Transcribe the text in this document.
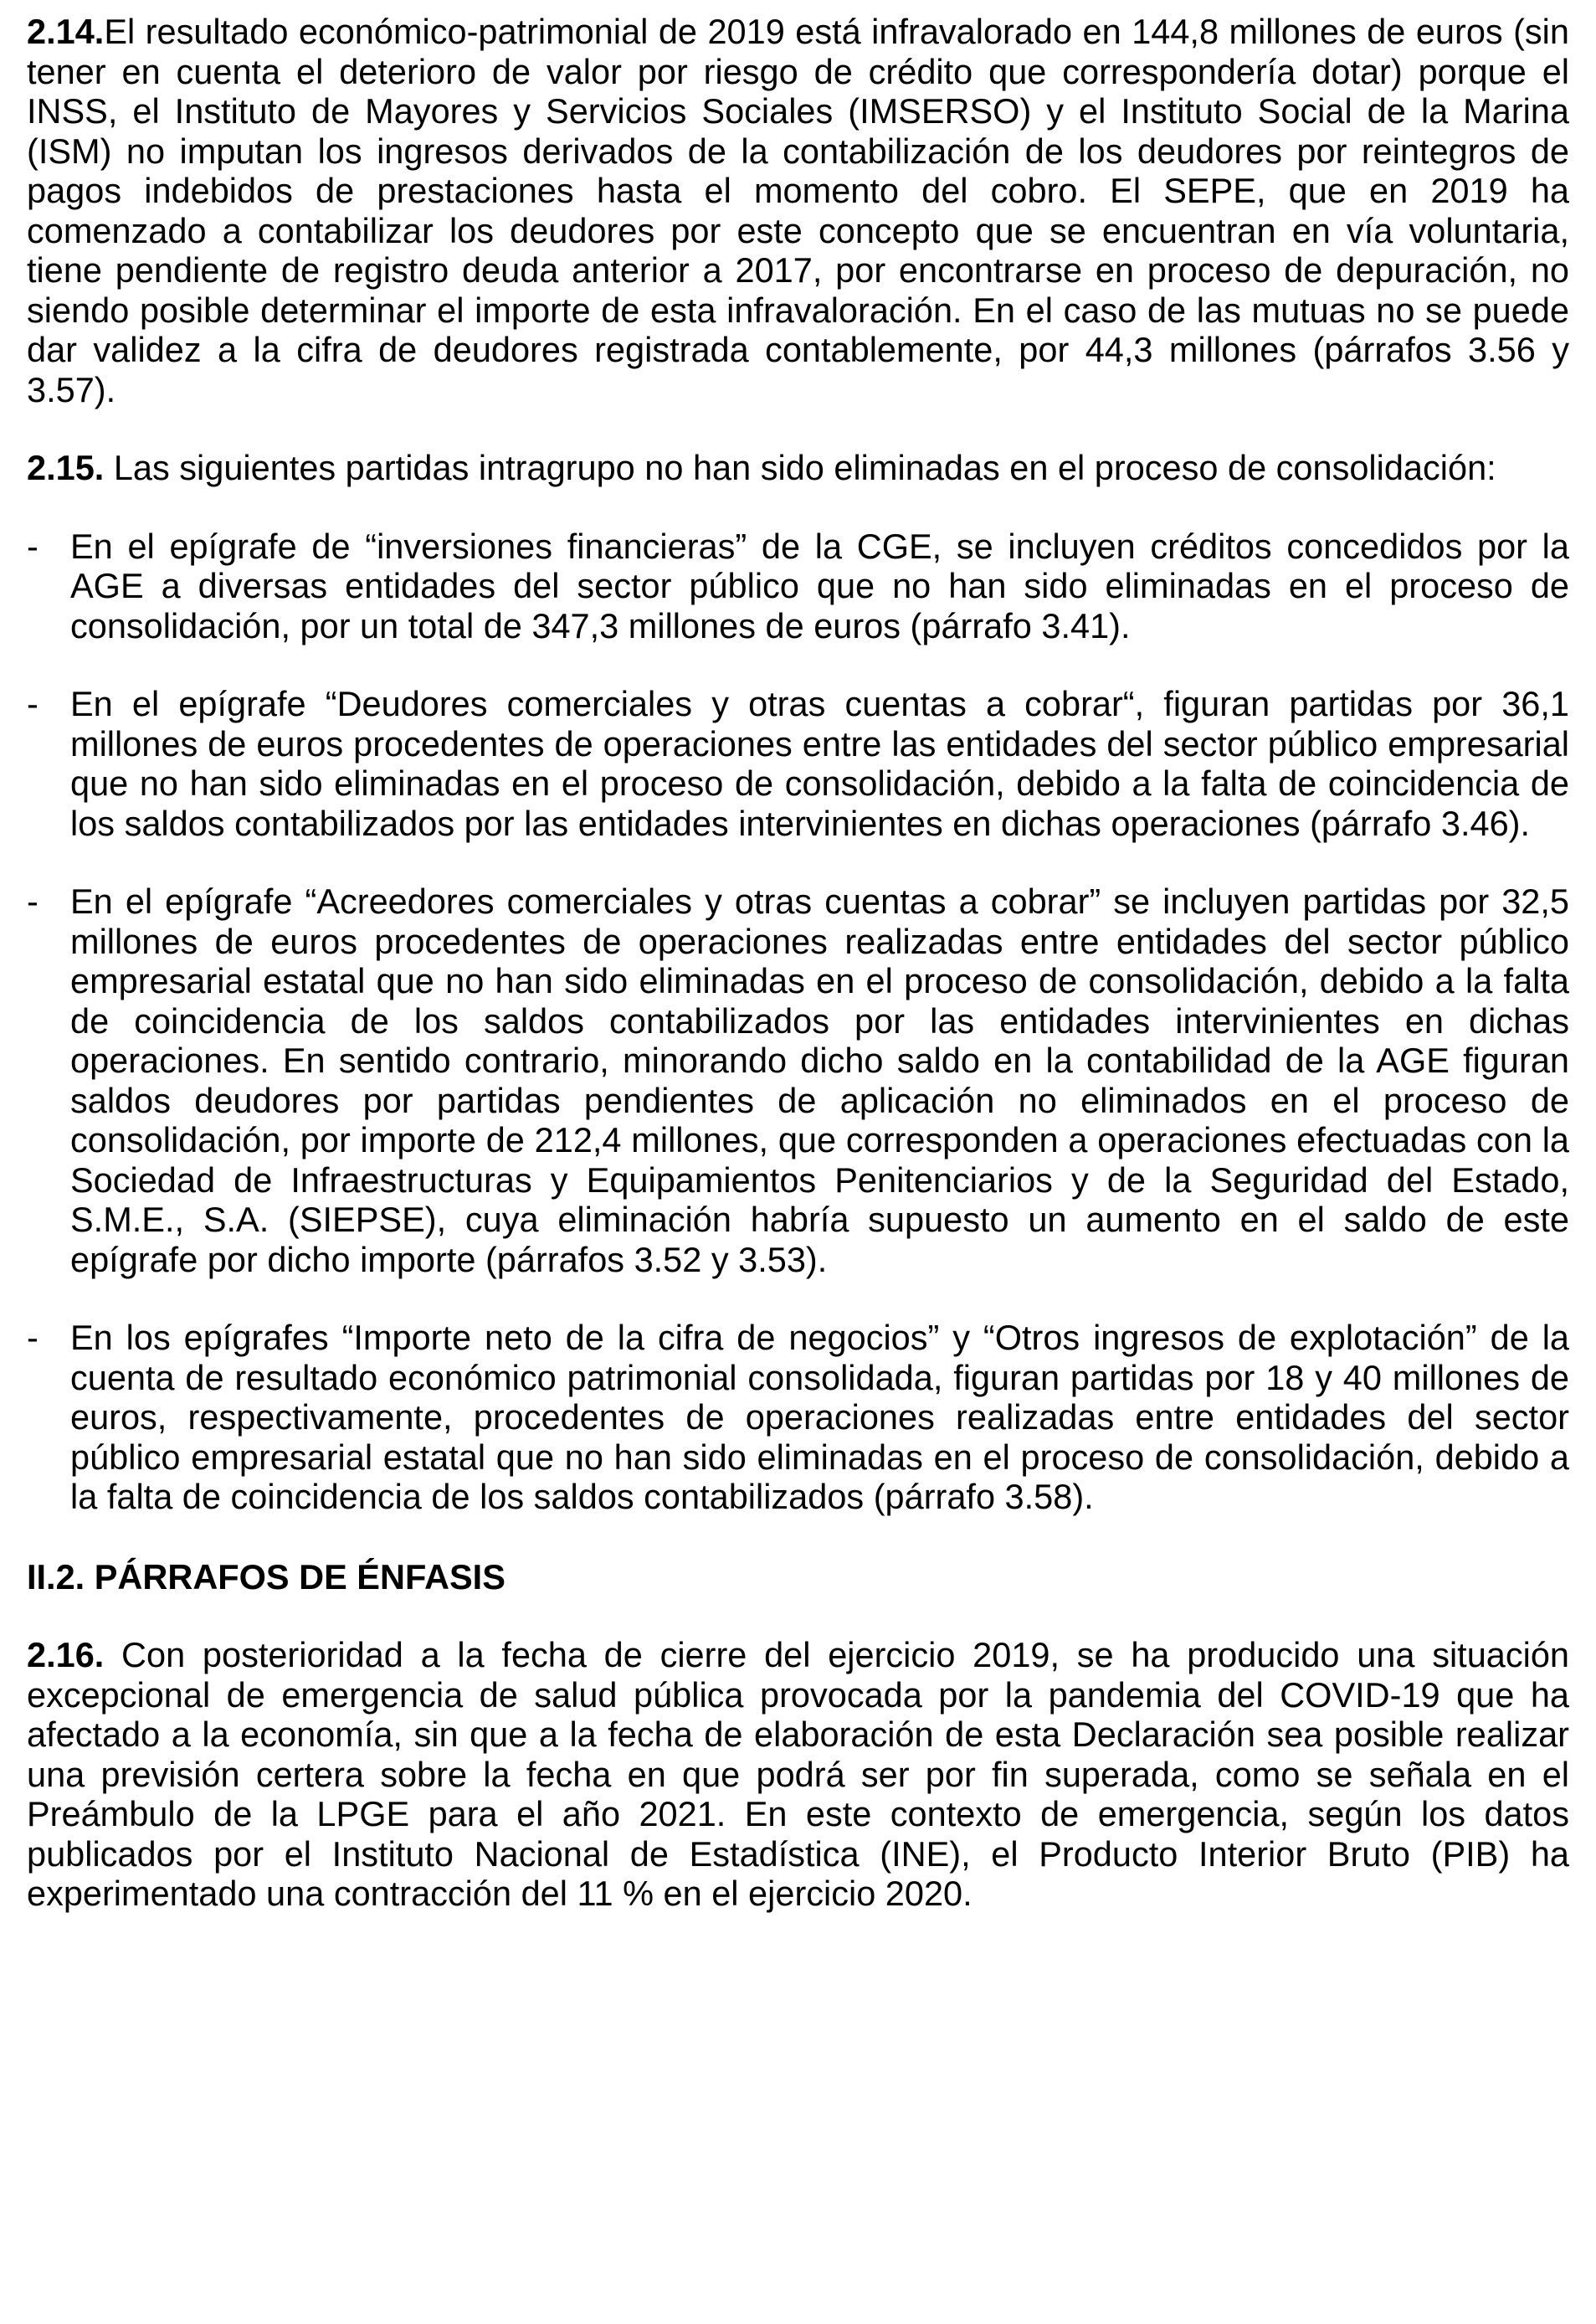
2.14.El resultado económico-patrimonial de 2019 está infravalorado en 144,8 millones de euros (sin tener en cuenta el deterioro de valor por riesgo de crédito que correspondería dotar) porque el INSS, el Instituto de Mayores y Servicios Sociales (IMSERSO) y el Instituto Social de la Marina (ISM) no imputan los ingresos derivados de la contabilización de los deudores por reintegros de pagos indebidos de prestaciones hasta el momento del cobro. El SEPE, que en 2019 ha comenzado a contabilizar los deudores por este concepto que se encuentran en vía voluntaria, tiene pendiente de registro deuda anterior a 2017, por encontrarse en proceso de depuración, no siendo posible determinar el importe de esta infravaloración. En el caso de las mutuas no se puede dar validez a la cifra de deudores registrada contablemente, por 44,3 millones (párrafos 3.56 y 3.57).

2.15. Las siguientes partidas intragrupo no han sido eliminadas en el proceso de consolidación:

- En el epígrafe de “inversiones financieras” de la CGE, se incluyen créditos concedidos por la AGE a diversas entidades del sector público que no han sido eliminadas en el proceso de consolidación, por un total de 347,3 millones de euros (párrafo 3.41).
- En el epígrafe “Deudores comerciales y otras cuentas a cobrar“, figuran partidas por 36,1 millones de euros procedentes de operaciones entre las entidades del sector público empresarial que no han sido eliminadas en el proceso de consolidación, debido a la falta de coincidencia de los saldos contabilizados por las entidades intervinientes en dichas operaciones (párrafo 3.46).
- En el epígrafe “Acreedores comerciales y otras cuentas a cobrar” se incluyen partidas por 32,5 millones de euros procedentes de operaciones realizadas entre entidades del sector público empresarial estatal que no han sido eliminadas en el proceso de consolidación, debido a la falta de coincidencia de los saldos contabilizados por las entidades intervinientes en dichas operaciones. En sentido contrario, minorando dicho saldo en la contabilidad de la AGE figuran saldos deudores por partidas pendientes de aplicación no eliminados en el proceso de consolidación, por importe de 212,4 millones, que corresponden a operaciones efectuadas con la Sociedad de Infraestructuras y Equipamientos Penitenciarios y de la Seguridad del Estado, S.M.E., S.A. (SIEPSE), cuya eliminación habría supuesto un aumento en el saldo de este epígrafe por dicho importe (párrafos 3.52 y 3.53).
- En los epígrafes “Importe neto de la cifra de negocios” y “Otros ingresos de explotación” de la cuenta de resultado económico patrimonial consolidada, figuran partidas por 18 y 40 millones de euros, respectivamente, procedentes de operaciones realizadas entre entidades del sector público empresarial estatal que no han sido eliminadas en el proceso de consolidación, debido a la falta de coincidencia de los saldos contabilizados (párrafo 3.58).
II.2. PÁRRAFOS DE ÉNFASIS

2.16. Con posterioridad a la fecha de cierre del ejercicio 2019, se ha producido una situación excepcional de emergencia de salud pública provocada por la pandemia del COVID-19 que ha afectado a la economía, sin que a la fecha de elaboración de esta Declaración sea posible realizar una previsión certera sobre la fecha en que podrá ser por fin superada, como se señala en el Preámbulo de la LPGE para el año 2021. En este contexto de emergencia, según los datos publicados por el Instituto Nacional de Estadística (INE), el Producto Interior Bruto (PIB) ha experimentado una contracción del 11 % en el ejercicio 2020.
